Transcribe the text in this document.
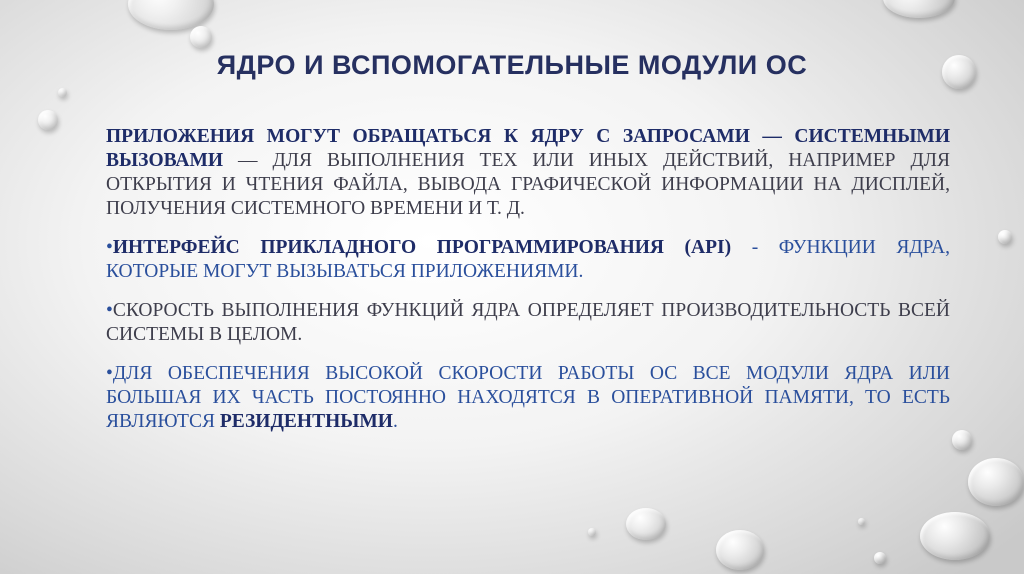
ЯДРО И ВСПОМОГАТЕЛЬНЫЕ МОДУЛИ ОС

ПРИЛОЖЕНИЯ МОГУТ ОБРАЩАТЬСЯ К ЯДРУ С ЗАПРОСАМИ — СИСТЕМНЫМИ ВЫЗОВАМИ — ДЛЯ ВЫПОЛНЕНИЯ ТЕХ ИЛИ ИНЫХ ДЕЙСТВИЙ, НАПРИМЕР ДЛЯ ОТКРЫТИЯ И ЧТЕНИЯ ФАЙЛА, ВЫВОДА ГРАФИЧЕСКОЙ ИНФОРМАЦИИ НА ДИСПЛЕЙ, ПОЛУЧЕНИЯ СИСТЕМНОГО ВРЕМЕНИ И Т. Д.

•ИНТЕРФЕЙС ПРИКЛАДНОГО ПРОГРАММИРОВАНИЯ (API) - ФУНКЦИИ ЯДРА, КОТОРЫЕ МОГУТ ВЫЗЫВАТЬСЯ ПРИЛОЖЕНИЯМИ.

•СКОРОСТЬ ВЫПОЛНЕНИЯ ФУНКЦИЙ ЯДРА ОПРЕДЕЛЯЕТ ПРОИЗВОДИТЕЛЬНОСТЬ ВСЕЙ СИСТЕМЫ В ЦЕЛОМ.

•ДЛЯ ОБЕСПЕЧЕНИЯ ВЫСОКОЙ СКОРОСТИ РАБОТЫ ОС ВСЕ МОДУЛИ ЯДРА ИЛИ БОЛЬШАЯ ИХ ЧАСТЬ ПОСТОЯННО НАХОДЯТСЯ В ОПЕРАТИВНОЙ ПАМЯТИ, ТО ЕСТЬ ЯВЛЯЮТСЯ РЕЗИДЕНТНЫМИ.
